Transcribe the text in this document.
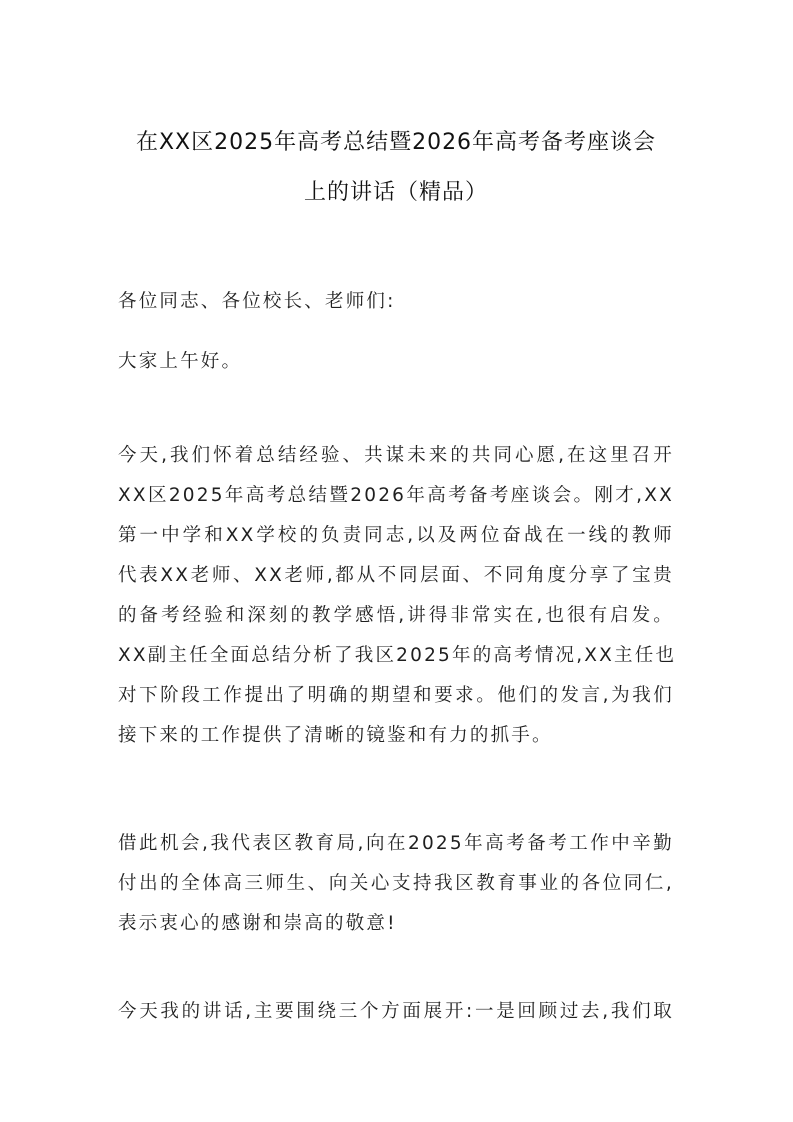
在XX区2025年高考总结暨2026年高考备考座谈会
上的讲话（精品）
各位同志、各位校长、老师们:
大家上午好。
今天,我们怀着总结经验、共谋未来的共同心愿,在这里召开
XX区2025年高考总结暨2026年高考备考座谈会。刚才,XX
第一中学和XX学校的负责同志,以及两位奋战在一线的教师
代表XX老师、XX老师,都从不同层面、不同角度分享了宝贵
的备考经验和深刻的教学感悟,讲得非常实在,也很有启发。
XX副主任全面总结分析了我区2025年的高考情况,XX主任也
对下阶段工作提出了明确的期望和要求。他们的发言,为我们
接下来的工作提供了清晰的镜鉴和有力的抓手。
借此机会,我代表区教育局,向在2025年高考备考工作中辛勤
付出的全体高三师生、向关心支持我区教育事业的各位同仁,
表示衷心的感谢和崇高的敬意!
今天我的讲话,主要围绕三个方面展开:一是回顾过去,我们取
